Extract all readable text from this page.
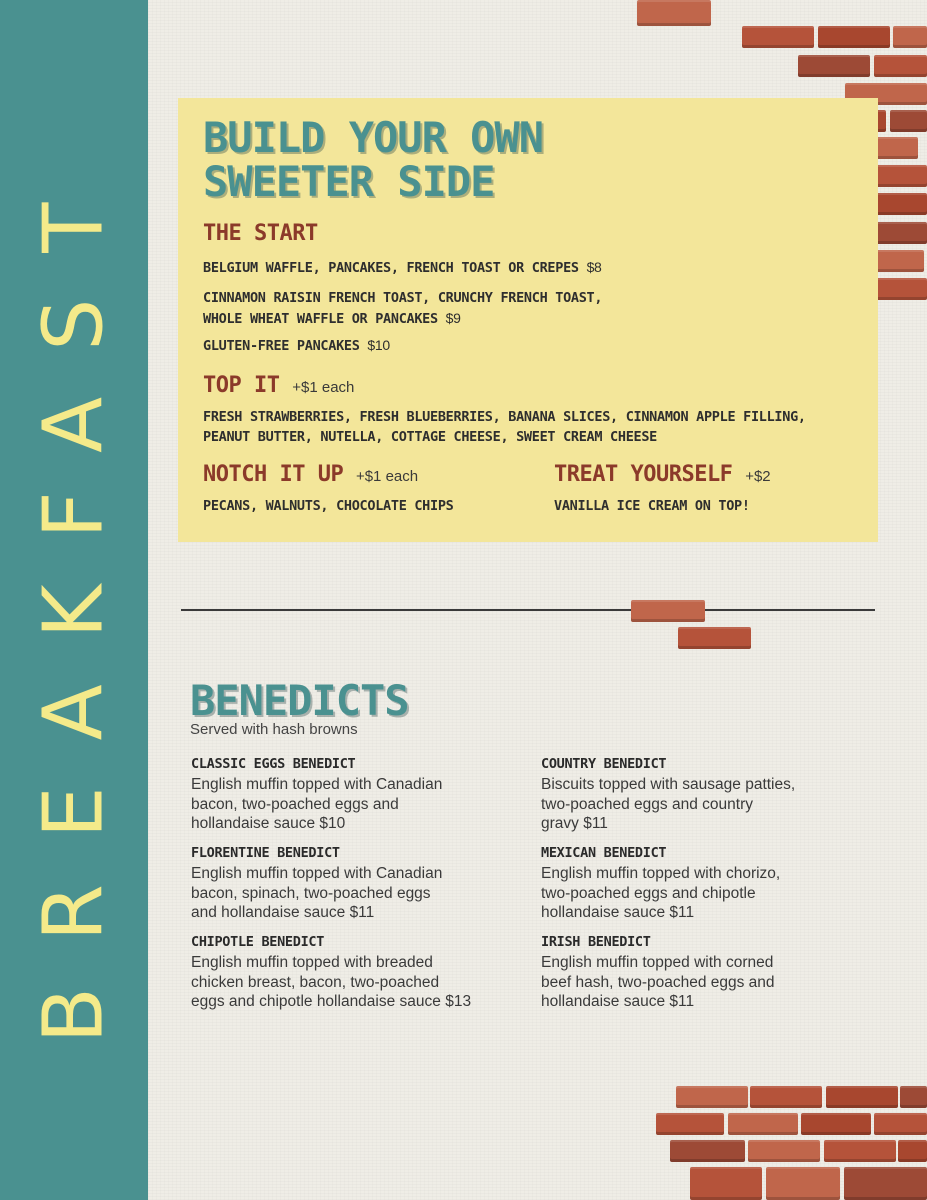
BREAKFAST
BUILD YOUR OWN
SWEETER SIDE
THE START
BELGIUM WAFFLE, PANCAKES, FRENCH TOAST OR CREPES $8
CINNAMON RAISIN FRENCH TOAST, CRUNCHY FRENCH TOAST,
WHOLE WHEAT WAFFLE OR PANCAKES $9
GLUTEN-FREE PANCAKES $10
TOP IT +$1 each
FRESH STRAWBERRIES, FRESH BLUEBERRIES, BANANA SLICES, CINNAMON APPLE FILLING,
PEANUT BUTTER, NUTELLA, COTTAGE CHEESE, SWEET CREAM CHEESE
NOTCH IT UP +$1 each
PECANS, WALNUTS, CHOCOLATE CHIPS
TREAT YOURSELF +$2
VANILLA ICE CREAM ON TOP!
BENEDICTS
Served with hash browns
CLASSIC EGGS BENEDICT
English muffin topped with Canadian
bacon, two-poached eggs and
hollandaise sauce $10
FLORENTINE BENEDICT
English muffin topped with Canadian
bacon, spinach, two-poached eggs
and hollandaise sauce $11
CHIPOTLE BENEDICT
English muffin topped with breaded
chicken breast, bacon, two-poached
eggs and chipotle hollandaise sauce $13
COUNTRY BENEDICT
Biscuits topped with sausage patties,
two-poached eggs and country
gravy $11
MEXICAN BENEDICT
English muffin topped with chorizo,
two-poached eggs and chipotle
hollandaise sauce $11
IRISH BENEDICT
English muffin topped with corned
beef hash, two-poached eggs and
hollandaise sauce $11
